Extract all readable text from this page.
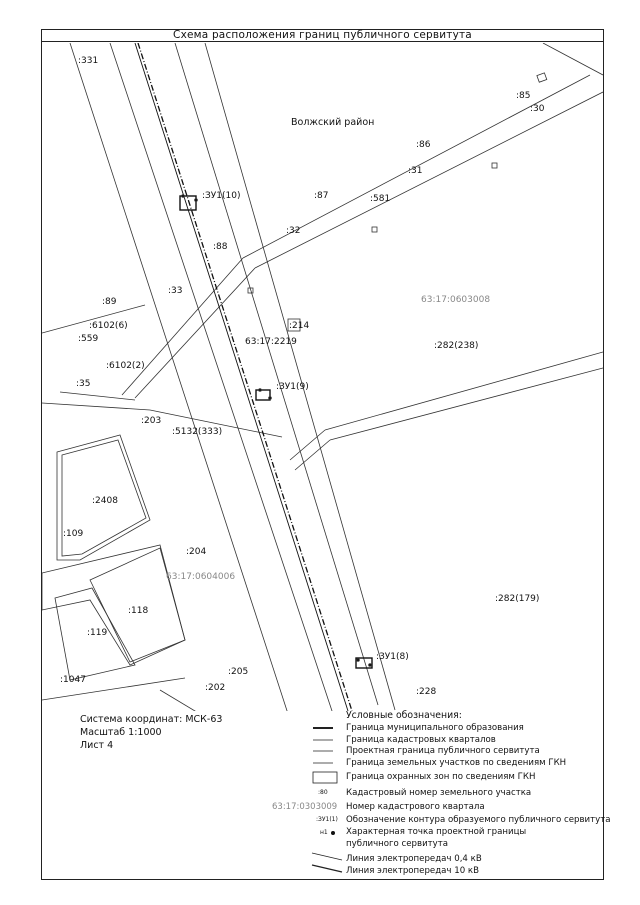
Схема расположения границ публичного сервитута
:331
:85
:30
Волжский район
:86
:31
:87	:581
:32
:88
:33
:89	63:17:0603008
:6102(6)	:214
:559	63:17:2219	:282(238)
:6102(2)
:35	:ЗУ1(9)
:203
:5132(333)
:2408
:109
:204
63:17:0604006
:282(179)
:118
:119
:ЗУ1(8)
:205
:1047
:202	:228
:ЗУ1(10)
Система координат: МСК-63
Масштаб 1:1000
Лист 4
Условные обозначения:
Граница муниципального образования
Граница кадастровых кварталов
Проектная граница публичного сервитута
Граница земельных участков по сведениям ГКН
Граница охранных зон по сведениям ГКН
:80 Кадастровый номер земельного участка
63:17:0303009 Номер кадастрового квартала
:ЗУ1(1) Обозначение контура образуемого публичного сервитута
н1 Характерная точка проектной границы
публичного сервитута
Линия электропередач 0,4 кВ
Линия электропередач 10 кВ
